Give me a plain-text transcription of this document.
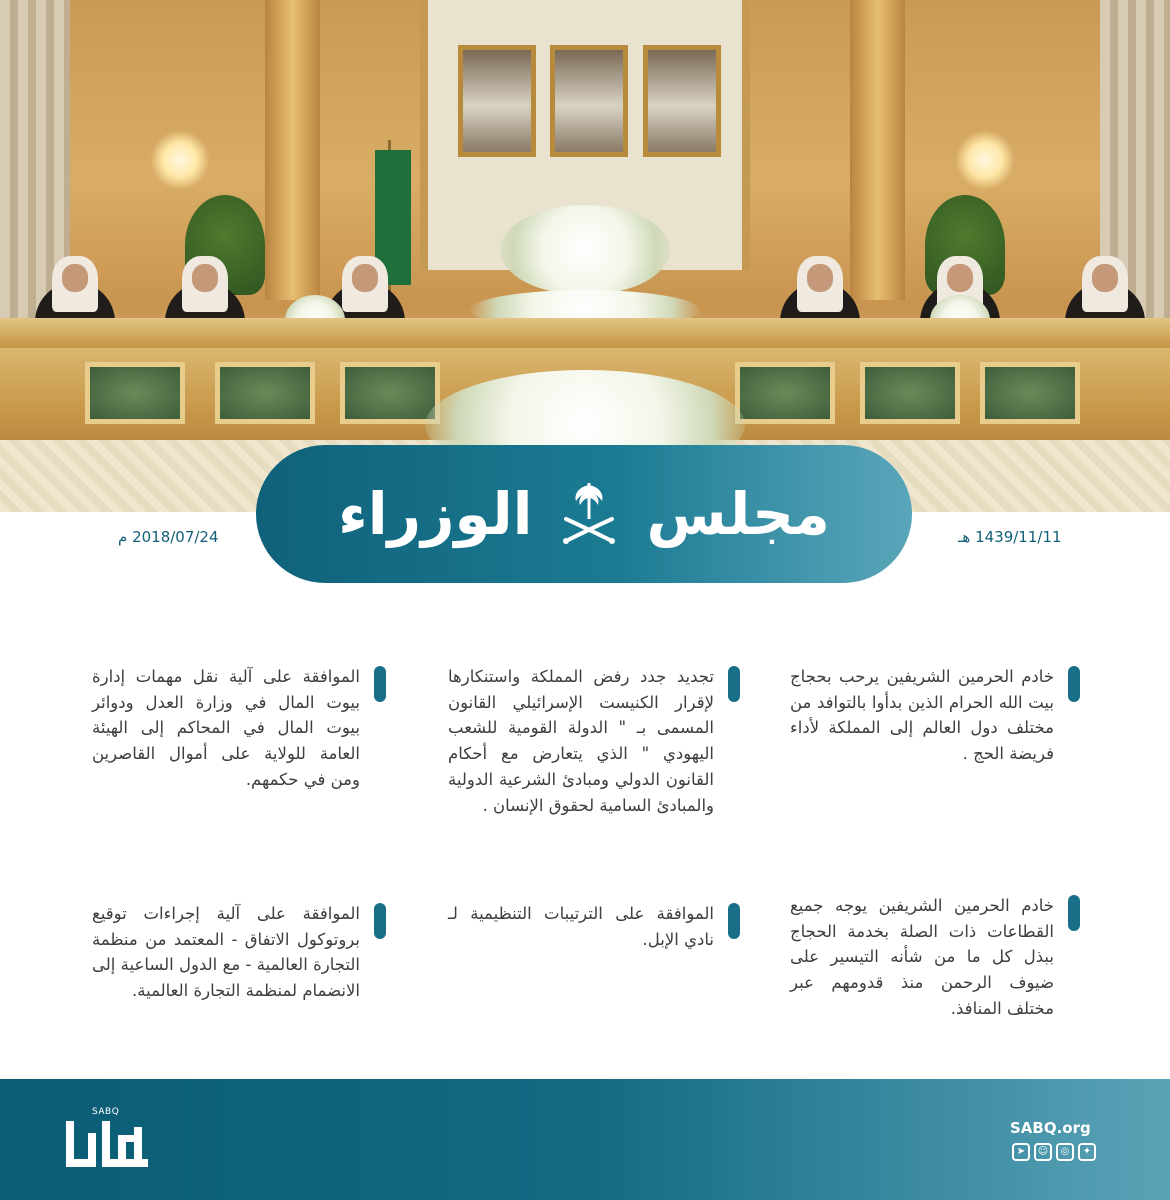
مجلس
الوزراء	1439/11/11 هـ
2018/07/24 م
خادم الحرمين الشريفين يرحب بحجاج بيت الله الحرام الذين بدأوا بالتوافد من مختلف دول العالم إلى المملكة لأداء فريضة الحج .
خادم الحرمين الشريفين يوجه جميع القطاعات ذات الصلة بخدمة الحجاج ببذل كل ما من شأنه التيسير على ضيوف الرحمن منذ قدومهم عبر مختلف المنافذ.
تجديد جدد رفض المملكة واستنكارها لإقرار الكنيست الإسرائيلي القانون المسمى بـ " الدولة القومية للشعب اليهودي " الذي يتعارض مع أحكام القانون الدولي ومبادئ الشرعية الدولية والمبادئ السامية لحقوق الإنسان .
الموافقة على الترتيبات التنظيمية لـ نادي الإبل.
الموافقة على آلية نقل مهمات إدارة بيوت المال في وزارة العدل ودوائر بيوت المال في المحاكم إلى الهيئة العامة للولاية على أموال القاصرين ومن في حكمهم.
الموافقة على آلية إجراءات توقيع بروتوكول الاتفاق - المعتمد من منظمة التجارة العالمية - مع الدول الساعية إلى الانضمام لمنظمة التجارة العالمية.
SABQ
SABQ.org
➤	☺	◎	✦
